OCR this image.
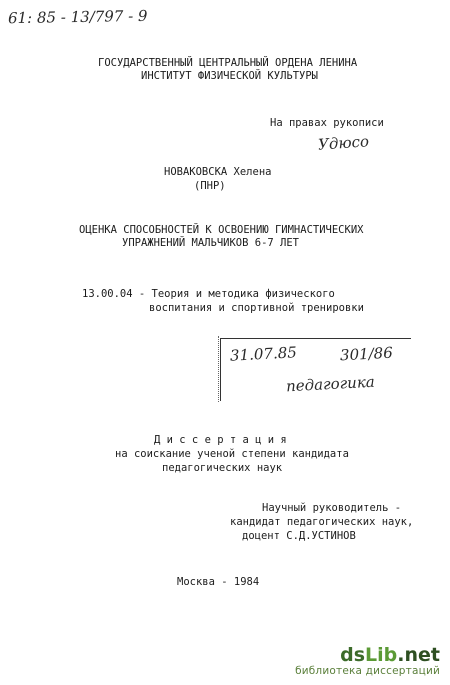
61: 85 - 13/797 - 9
ГОСУДАРСТВЕННЫЙ ЦЕНТРАЛЬНЫЙ ОРДЕНА ЛЕНИНА
ИНСТИТУТ ФИЗИЧЕСКОЙ КУЛЬТУРЫ
На правах рукописи
Удюсо
НОВАКОВСКА Хелена
(ПНР)
ОЦЕНКА СПОСОБНОСТЕЙ К ОСВОЕНИЮ ГИМНАСТИЧЕСКИХ
УПРАЖНЕНИЙ МАЛЬЧИКОВ 6-7 ЛЕТ
13.00.04 - Теория и методика физического
воспитания и спортивной тренировки
31.07.85	301/86
педагогика
Д и с с е р т а ц и я
на соискание ученой степени кандидата
педагогических наук
Научный руководитель -
кандидат педагогических наук,
доцент С.Д.УСТИНОВ
Москва - 1984
dsLib.net
библиотека диссертаций
